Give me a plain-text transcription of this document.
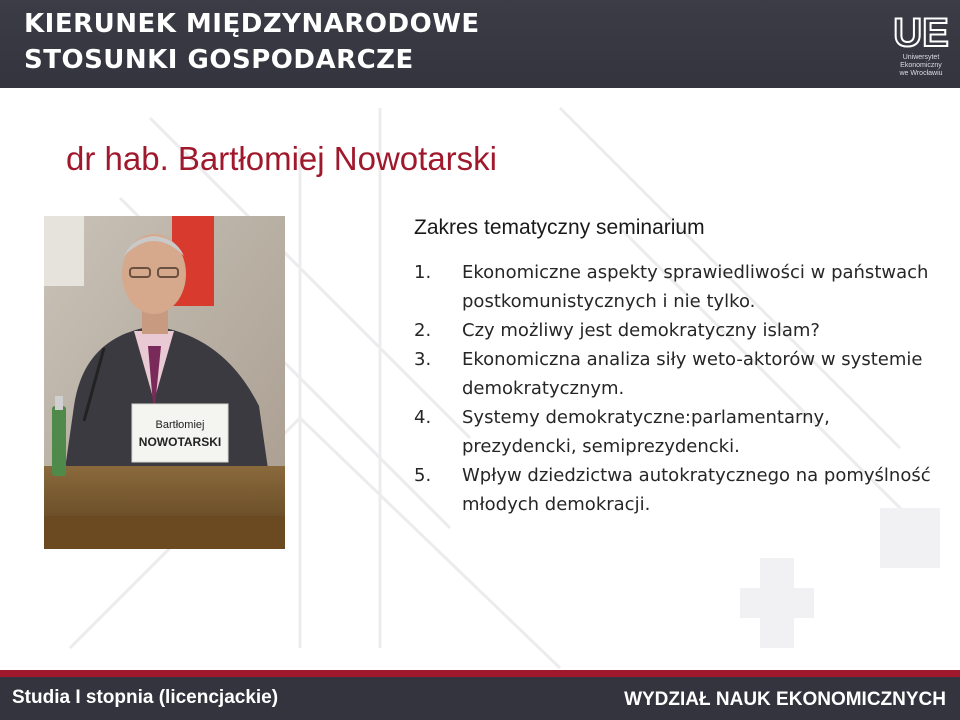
KIERUNEK MIĘDZYNARODOWE
STOSUNKI GOSPODARCZE
UE
Uniwersytet
Ekonomiczny
we Wrocławiu
dr hab. Bartłomiej Nowotarski
Bartłomiej
NOWOTARSKI
Zakres tematyczny seminarium
1. Ekonomiczne aspekty sprawiedliwości w państwach postkomunistycznych i nie tylko.
2. Czy możliwy jest demokratyczny islam?
3. Ekonomiczna analiza siły weto-aktorów w systemie demokratycznym.
4. Systemy demokratyczne:parlamentarny, prezydencki, semiprezydencki.
5. Wpływ dziedzictwa autokratycznego na pomyślność młodych demokracji.
Studia I stopnia (licencjackie)	WYDZIAŁ NAUK EKONOMICZNYCH
